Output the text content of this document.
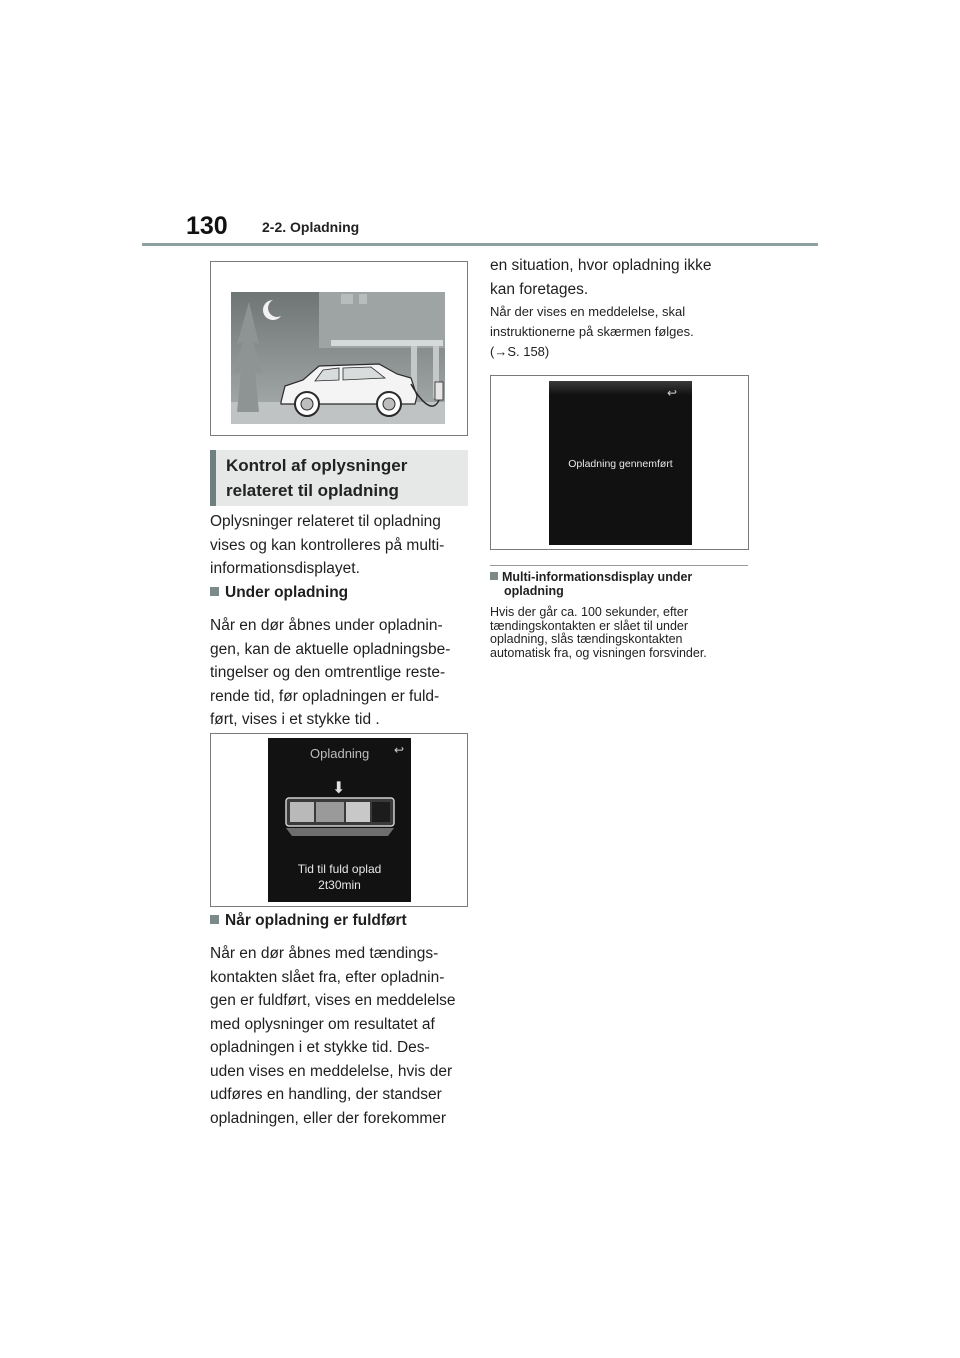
130 2-2. Opladning
Kontrol af oplysninger
relateret til opladning
Oplysninger relateret til opladning
vises og kan kontrolleres på multi-
informationsdisplayet.
Under opladning
Når en dør åbnes under opladnin-
gen, kan de aktuelle opladningsbe-
tingelser og den omtrentlige reste-
rende tid, før opladningen er fuld-
ført, vises i et stykke tid .
Opladning ↩
⬇
Tid til fuld oplad
2t30min
Når opladning er fuldført
Når en dør åbnes med tændings-
kontakten slået fra, efter opladnin-
gen er fuldført, vises en meddelelse
med oplysninger om resultatet af
opladningen i et stykke tid. Des-
uden vises en meddelelse, hvis der
udføres en handling, der standser
opladningen, eller der forekommer
en situation, hvor opladning ikke
kan foretages.
Når der vises en meddelelse, skal
instruktionerne på skærmen følges.
(→S. 158)
↩
Opladning gennemført
Multi-informationsdisplay under
opladning
Hvis der går ca. 100 sekunder, efter
tændingskontakten er slået til under
opladning, slås tændingskontakten
automatisk fra, og visningen forsvinder.
